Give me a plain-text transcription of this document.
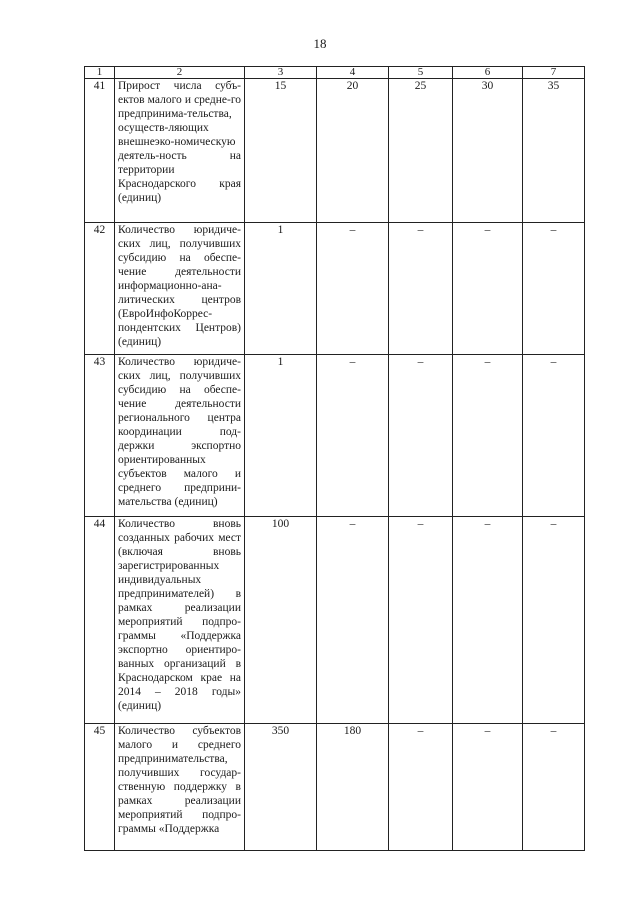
18
1	2	3	4	5	6	7
41	Прирост числа субъ-ектов малого и средне-го предпринима-тельства, осуществ-ляющих внешнеэко-номическую деятель-ность на территории Краснодарского края (единиц)	15	20	25	30	35
42	Количество юридиче-ских лиц, получивших субсидию на обеспе-чение деятельности информационно-ана-литических центров (ЕвроИнфоКоррес-пондентских Центров) (единиц)	1	–	–	–	–
43	Количество юридиче-ских лиц, получивших субсидию на обеспе-чение деятельности регионального центра координации под-держки экспортно ориентированных субъектов малого и среднего предприни-мательства (единиц)	1	–	–	–	–
44	Количество вновь созданных рабочих мест (включая вновь зарегистрированных индивидуальных предпринимателей) в рамках реализации мероприятий подпро-граммы «Поддержка экспортно ориентиро-ванных организаций в Краснодарском крае на 2014 – 2018 годы» (единиц)	100	–	–	–	–
45	Количество субъектов малого и среднего предпринимательства, получивших государ-ственную поддержку в рамках реализации мероприятий подпро-граммы «Поддержка	350	180	–	–	–
